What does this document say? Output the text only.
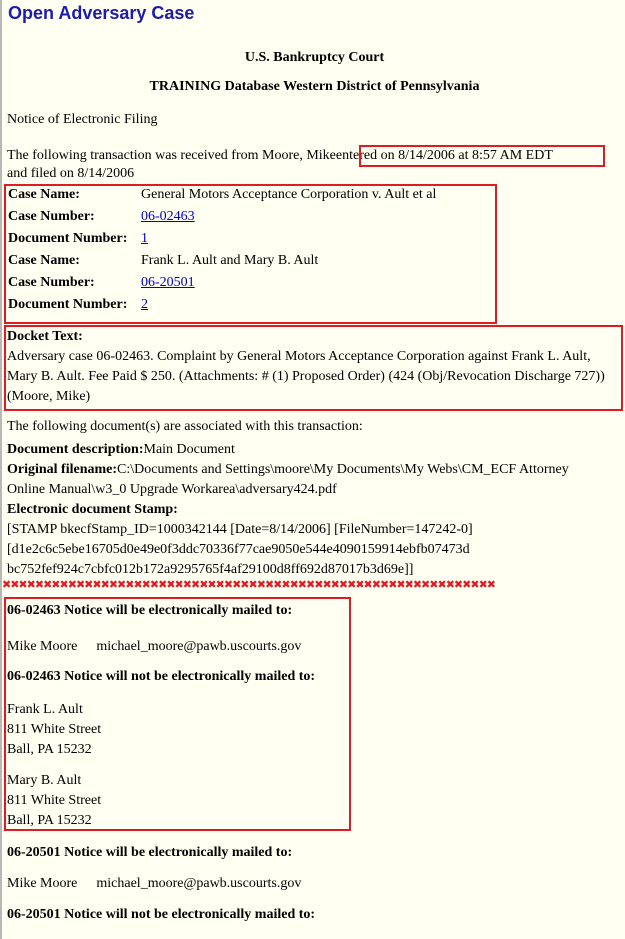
Open Adversary Case
U.S. Bankruptcy Court
TRAINING Database Western District of Pennsylvania
Notice of Electronic Filing
The following transaction was received from Moore, Mikeentered on 8/14/2006 at 8:57 AM EDT
and filed on 8/14/2006
Case Name:	General Motors Acceptance Corporation v. Ault et al
Case Number:	06-02463
Document Number: 1
Case Name:	Frank L. Ault and Mary B. Ault
Case Number:	06-20501
Document Number: 2
Docket Text:
Adversary case 06-02463. Complaint by General Motors Acceptance Corporation against Frank L. Ault, Mary B. Ault. Fee Paid $ 250. (Attachments: # (1) Proposed Order) (424 (Obj/Revocation Discharge 727)) (Moore, Mike)
The following document(s) are associated with this transaction:
Document description:Main Document
Original filename:C:\Documents and Settings\moore\My Documents\My Webs\CM_ECF Attorney
Online Manual\w3_0 Upgrade Workarea\adversary424.pdf
Electronic document Stamp:
[STAMP bkecfStamp_ID=1000342144 [Date=8/14/2006] [FileNumber=147242-0]
[d1e2c6c5ebe16705d0e49e0f3ddc70336f77cae9050e544e4090159914ebfb07473d
bc752fef924c7cbfc012b172a9295765f4af29100d8ff692d87017b3d69e]]
✖✖✖✖✖✖✖✖✖✖✖✖✖✖✖✖✖✖✖✖✖✖✖✖✖✖✖✖✖✖✖✖✖✖✖✖✖✖✖✖✖✖✖✖✖✖✖✖✖✖✖✖✖✖✖✖✖✖✖✖
06-02463 Notice will be electronically mailed to:
Mike Moore michael_moore@pawb.uscourts.gov
06-02463 Notice will not be electronically mailed to:
Frank L. Ault
811 White Street
Ball, PA 15232
Mary B. Ault
811 White Street
Ball, PA 15232
06-20501 Notice will be electronically mailed to:
Mike Moore michael_moore@pawb.uscourts.gov
06-20501 Notice will not be electronically mailed to:
